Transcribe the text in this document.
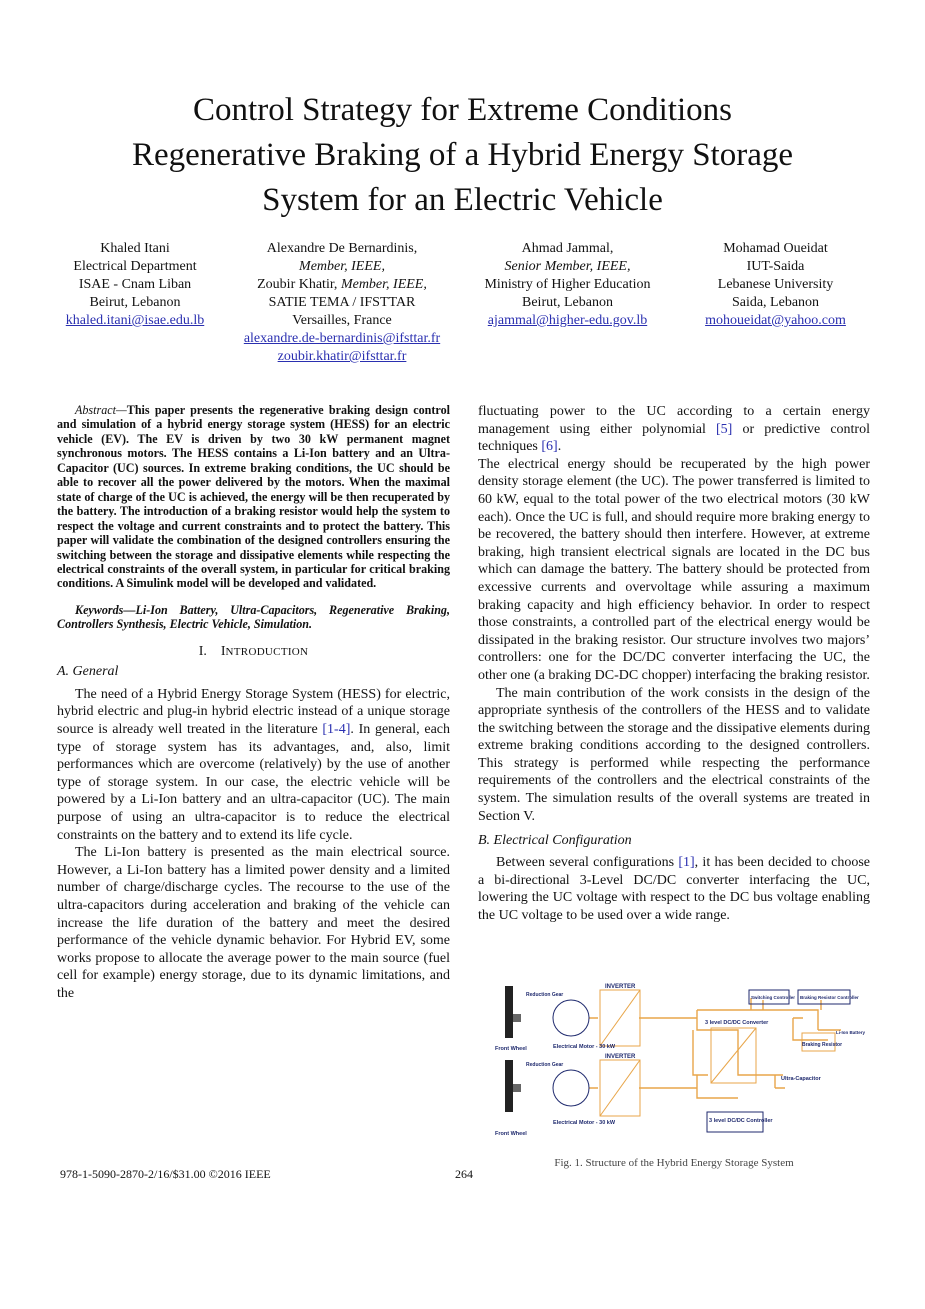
Control Strategy for Extreme Conditions
Regenerative Braking of a Hybrid Energy Storage
System for an Electric Vehicle
Khaled Itani
Electrical Department
ISAE - Cnam Liban
Beirut, Lebanon
khaled.itani@isae.edu.lb
Alexandre De Bernardinis,
Member, IEEE,
Zoubir Khatir, Member, IEEE,
SATIE TEMA / IFSTTAR
Versailles, France
alexandre.de-bernardinis@ifsttar.fr
zoubir.khatir@ifsttar.fr
Ahmad Jammal,
Senior Member, IEEE,
Ministry of Higher Education
Beirut, Lebanon
ajammal@higher-edu.gov.lb
Mohamad Oueidat
IUT-Saida
Lebanese University
Saida, Lebanon
mohoueidat@yahoo.com

Abstract—This paper presents the regenerative braking design control and simulation of a hybrid energy storage system (HESS) for an electric vehicle (EV). The EV is driven by two 30 kW permanent magnet synchronous motors. The HESS contains a Li-Ion battery and an Ultra-Capacitor (UC) sources. In extreme braking conditions, the UC should be able to recover all the power delivered by the motors. When the maximal state of charge of the UC is achieved, the energy will be then recuperated by the battery. The introduction of a braking resistor would help the system to respect the voltage and current constraints and to protect the battery. This paper will validate the combination of the designed controllers ensuring the switching between the storage and dissipative elements while respecting the electrical constraints of the overall system, in particular for critical braking conditions. A Simulink model will be developed and validated.

Keywords—Li-Ion Battery, Ultra-Capacitors, Regenerative Braking, Controllers Synthesis, Electric Vehicle, Simulation.

I. INTRODUCTION
A. General

The need of a Hybrid Energy Storage System (HESS) for electric, hybrid electric and plug-in hybrid electric instead of a unique storage source is already well treated in the literature [1-4]. In general, each type of storage system has its advantages, and, also, limit performances which are overcome (relatively) by the use of another type of storage system. In our case, the electric vehicle will be powered by a Li-Ion battery and an ultra-capacitor (UC). The main purpose of using an ultra-capacitor is to reduce the electrical constraints on the battery and to extend its life cycle.

The Li-Ion battery is presented as the main electrical source. However, a Li-Ion battery has a limited power density and a limited number of charge/discharge cycles. The recourse to the use of the ultra-capacitors during acceleration and braking of the vehicle can increase the life duration of the battery and meet the desired performance of the vehicle dynamic behavior. For Hybrid EV, some works propose to allocate the average power to the main source (fuel cell for example) energy storage, due to its dynamic limitations, and the

fluctuating power to the UC according to a certain energy management using either polynomial [5] or predictive control techniques [6].

The electrical energy should be recuperated by the high power density storage element (the UC). The power transferred is limited to 60 kW, equal to the total power of the two electrical motors (30 kW each). Once the UC is full, and should require more braking energy to be recovered, the battery should then interfere. However, at extreme braking, high transient electrical signals are located in the DC bus which can damage the battery. The battery should be protected from excessive currents and overvoltage while assuring a maximum braking capacity and high efficiency behavior. In order to respect those constraints, a controlled part of the electrical energy would be dissipated in the braking resistor. Our structure involves two majors’ controllers: one for the DC/DC converter interfacing the UC, the other one (a braking DC-DC chopper) interfacing the braking resistor.

The main contribution of the work consists in the design of the appropriate synthesis of the controllers of the HESS and to validate the switching between the storage and the dissipative elements during extreme braking conditions according to the designed controllers. This strategy is performed while respecting the performance requirements of the controllers and the electrical constraints of the system. The simulation results of the overall systems are treated in Section V.

B. Electrical Configuration

Between several configurations [1], it has been decided to choose a bi-directional 3-Level DC/DC converter interfacing the UC, lowering the UC voltage with respect to the DC bus voltage enabling the UC voltage to be used over a wide range.

INVERTER
INVERTER
Reduction Gear
Reduction Gear
Front Wheel
Front Wheel
Electrical Motor - 30 kW
Electrical Motor - 30 kW
3 level DC/DC Converter
3 level DC/DC Controller
Switching Controller Braking Resistor Controller
Braking Resistor
Li-Ion Battery
Ultra-Capacitor
Fig. 1. Structure of the Hybrid Energy Storage System
978-1-5090-2870-2/16/$31.00 ©2016 IEEE	264
